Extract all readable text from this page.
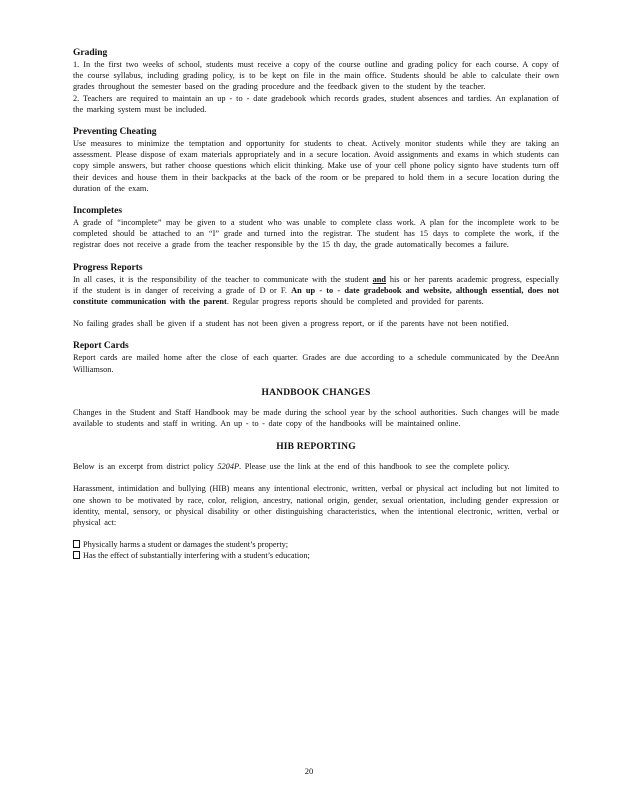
Grading

1. In the first two weeks of school, students must receive a copy of the course outline and grading policy for each course. A copy of the course syllabus, including grading policy, is to be kept on file in the main office. Students should be able to calculate their own grades throughout the semester based on the grading procedure and the feedback given to the student by the teacher.

2. Teachers are required to maintain an up - to - date gradebook which records grades, student absences and tardies. An explanation of the marking system must be included.

Preventing Cheating

Use measures to minimize the temptation and opportunity for students to cheat. Actively monitor students while they are taking an assessment. Please dispose of exam materials appropriately and in a secure location. Avoid assignments and exams in which students can copy simple answers, but rather choose questions which elicit thinking. Make use of your cell phone policy signto have students turn off their devices and house them in their backpacks at the back of the room or be prepared to hold them in a secure location during the duration of the exam.

Incompletes

A grade of “incomplete” may be given to a student who was unable to complete class work. A plan for the incomplete work to be completed should be attached to an “I” grade and turned into the registrar. The student has 15 days to complete the work, if the registrar does not receive a grade from the teacher responsible by the 15 th day, the grade automatically becomes a failure.

Progress Reports

In all cases, it is the responsibility of the teacher to communicate with the student and his or her parents academic progress, especially if the student is in danger of receiving a grade of D or F. An up - to - date gradebook and website, although essential, does not constitute communication with the parent. Regular progress reports should be completed and provided for parents.

No failing grades shall be given if a student has not been given a progress report, or if the parents have not been notified.

Report Cards

Report cards are mailed home after the close of each quarter. Grades are due according to a schedule communicated by the DeeAnn Williamson.

HANDBOOK CHANGES

Changes in the Student and Staff Handbook may be made during the school year by the school authorities. Such changes will be made available to students and staff in writing. An up - to - date copy of the handbooks will be maintained online.

HIB REPORTING

Below is an excerpt from district policy 5204P. Please use the link at the end of this handbook to see the complete policy.

Harassment, intimidation and bullying (HIB) means any intentional electronic, written, verbal or physical act including but not limited to one shown to be motivated by race, color, religion, ancestry, national origin, gender, sexual orientation, including gender expression or identity, mental, sensory, or physical disability or other distinguishing characteristics, when the intentional electronic, written, verbal or physical act:

Physically harms a student or damages the student’s property;

Has the effect of substantially interfering with a student’s education;

20
